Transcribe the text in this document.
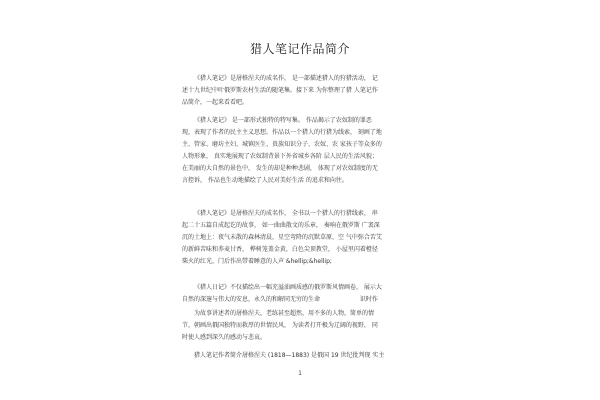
猎人笔记作品简介
《猎人笔记》是屠格涅夫的成名作， 是一部描述猎人的狩猎活动， 记
述十九世纪中叶俄罗斯农村生活的随笔集。接下来 为你整理了猎 人笔记作
品简介，一起来看看吧。
《猎人笔记》 是一部形式独特的特写集。 作品揭示了农奴制的罪恶
现，表现了作者的民主主义思想。作品以一个猎人的行猎为线索， 刻画了地
主、管家、磨坊主妇、城镇医生、贵族知识分子、农奴、农 家孩子等众多的
人物形象， 真实地展现了农奴制背景下外省城乡各阶 层人民的生活风貌；
在美丽的大自然的景色中， 发生的却是种种悲剧， 体现了对农奴制度的无
言控诉， 作品也生动地描绘了人民对美好生活 的追求和向往。
《猎人笔记》是屠格涅夫的成名作， 全书以一个猎人的行猎线索， 串
起二十五篇自成起讫的故事， 如一曲曲散文的乐章， 奏响在俄罗斯 广袤深
沉的土地上：夜气未散的森林清晨，星空弯降的沉默草原，空 气中弥合苦艾
的新鲜苦味和荞麦甘香， 桦树笼盖金黄，白色尖顶教堂， 小屋里闪着橙径
柴火的红光，门后作出带着睡意的人声 &hellip;&hellip;
《猎人日记》不仅描绘出一幅充溢油画质感的俄罗斯风情画卷， 展示大
自然的深邃与伟大的安息，永久的和解同无穷的生命	识时作
为故事讲述者的屠格涅夫，老练甚至超然，用不多的人物，简单的情
节，朝画出俄国独特而救厚的世情民风， 为读者打开极为辽阔的视野， 同
时使人感到深久的感动与悲哀。
猎人笔记作者简介屠格涅夫 (1818—1883) 是俄国 19 世纪批判现 实主
1
